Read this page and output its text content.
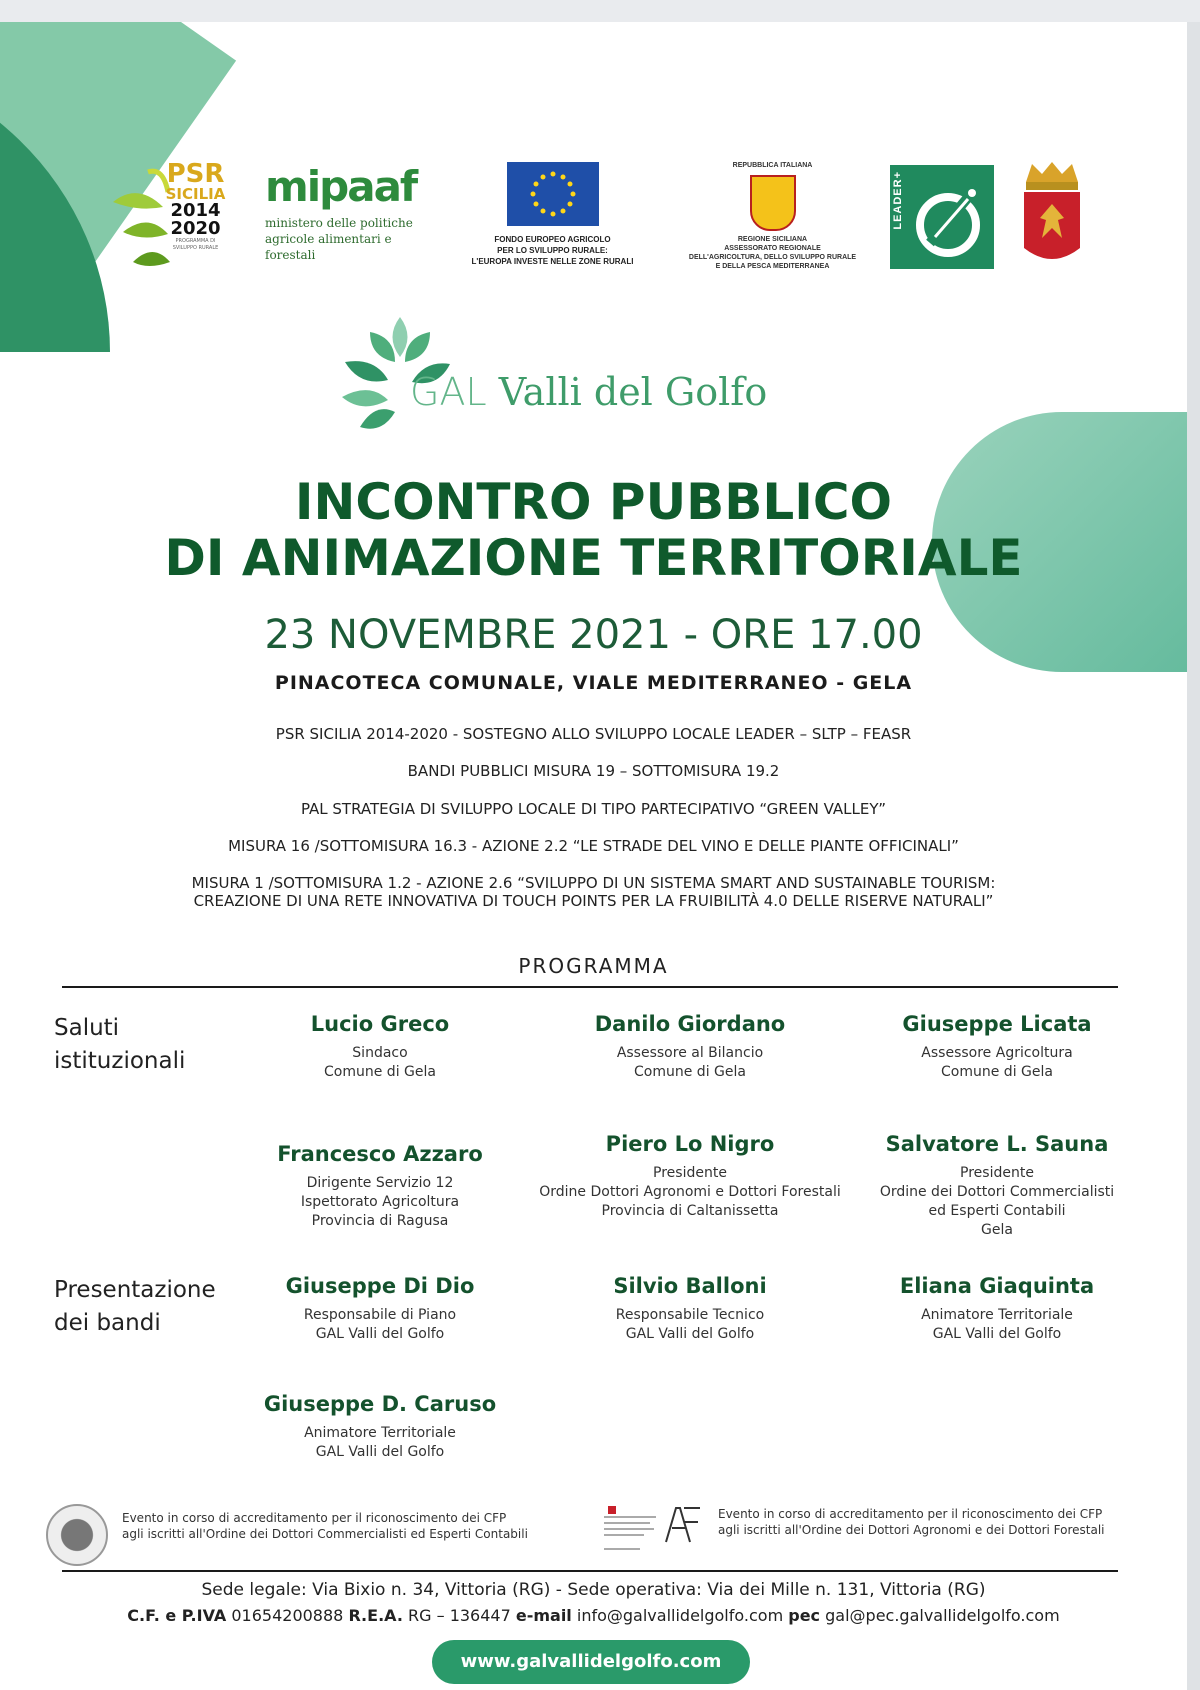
PSR
SICILIA
2014
2020
PROGRAMMA DI SVILUPPO RURALE
mipaaf
ministero delle politiche
agricole alimentari e forestali
FONDO EUROPEO AGRICOLO
PER LO SVILUPPO RURALE:
L'EUROPA INVESTE NELLE ZONE RURALI
REPUBBLICA ITALIANA
REGIONE SICILIANA
ASSESSORATO REGIONALE
DELL'AGRICOLTURA, DELLO SVILUPPO RURALE
E DELLA PESCA MEDITERRANEA
LEADER+
GAL Valli del Golfo
INCONTRO PUBBLICO
DI ANIMAZIONE TERRITORIALE
23 NOVEMBRE 2021 - ORE 17.00
PINACOTECA COMUNALE, VIALE MEDITERRANEO - GELA
PSR SICILIA 2014-2020 - SOSTEGNO ALLO SVILUPPO LOCALE LEADER – SLTP – FEASR
BANDI PUBBLICI MISURA 19 – SOTTOMISURA 19.2
PAL STRATEGIA DI SVILUPPO LOCALE DI TIPO PARTECIPATIVO “GREEN VALLEY”
MISURA 16 /SOTTOMISURA 16.3 - AZIONE 2.2 “LE STRADE DEL VINO E DELLE PIANTE OFFICINALI”
MISURA 1 /SOTTOMISURA 1.2 - AZIONE 2.6 “SVILUPPO DI UN SISTEMA SMART AND SUSTAINABLE TOURISM:
CREAZIONE DI UNA RETE INNOVATIVA DI TOUCH POINTS PER LA FRUIBILITÀ 4.0 DELLE RISERVE NATURALI”
PROGRAMMA
Saluti
istituzionali
Presentazione
dei bandi
Lucio Greco
Sindaco
Comune di Gela
Danilo Giordano
Assessore al Bilancio
Comune di Gela
Giuseppe Licata
Assessore Agricoltura
Comune di Gela
Francesco Azzaro
Dirigente Servizio 12
Ispettorato Agricoltura
Provincia di Ragusa
Piero Lo Nigro
Presidente
Ordine Dottori Agronomi e Dottori Forestali
Provincia di Caltanissetta
Salvatore L. Sauna
Presidente
Ordine dei Dottori Commercialisti
ed Esperti Contabili
Gela
Giuseppe Di Dio
Responsabile di Piano
GAL Valli del Golfo
Silvio Balloni
Responsabile Tecnico
GAL Valli del Golfo
Eliana Giaquinta
Animatore Territoriale
GAL Valli del Golfo
Giuseppe D. Caruso
Animatore Territoriale
GAL Valli del Golfo
Evento in corso di accreditamento per il riconoscimento dei CFP
agli iscritti all'Ordine dei Dottori Commercialisti ed Esperti Contabili
Evento in corso di accreditamento per il riconoscimento dei CFP
agli iscritti all'Ordine dei Dottori Agronomi e dei Dottori Forestali
Sede legale: Via Bixio n. 34, Vittoria (RG) - Sede operativa: Via dei Mille n. 131, Vittoria (RG)
C.F. e P.IVA 01654200888 R.E.A. RG – 136447 e-mail info@galvallidelgolfo.com pec gal@pec.galvallidelgolfo.com
www.galvallidelgolfo.com
